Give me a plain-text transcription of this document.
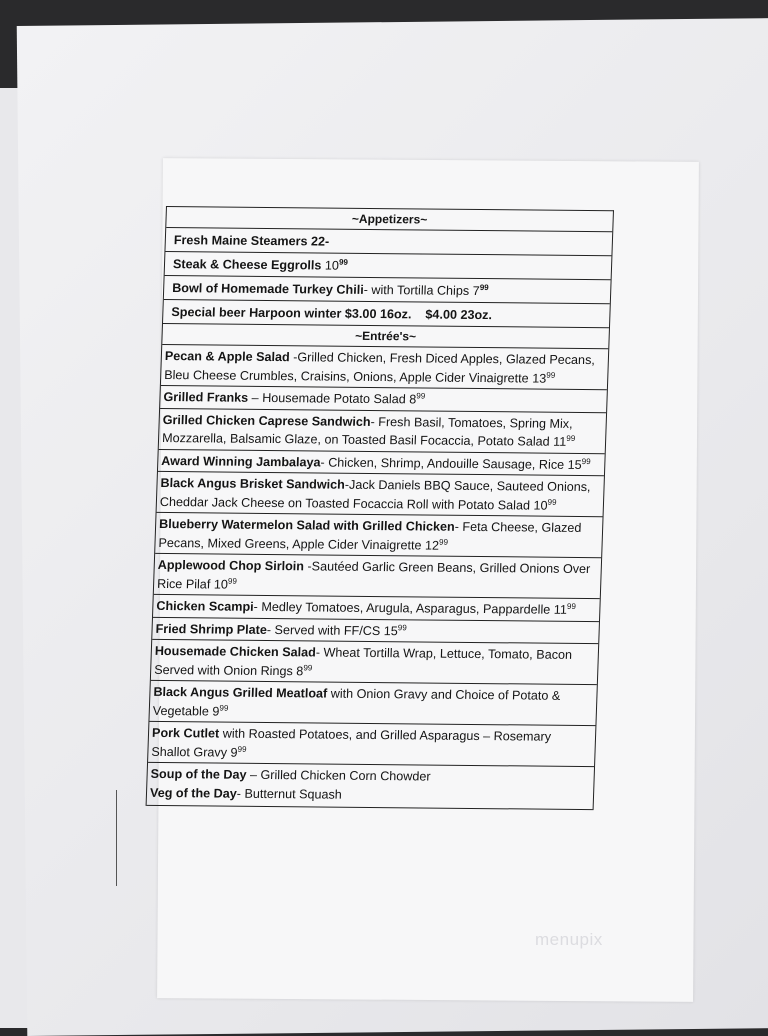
~Appetizers~
Fresh Maine Steamers 22-
Steak & Cheese Eggrolls $10^{99}$
Bowl of Homemade Turkey Chili- with Tortilla Chips $7^{99}$
Special beer Harpoon winter $3.00 16oz.    $4.00 23oz.
~Entrée's~
Pecan & Apple Salad -Grilled Chicken, Fresh Diced Apples, Glazed Pecans, Bleu Cheese Crumbles, Craisins, Onions, Apple Cider Vinaigrette $13^{99}$
Grilled Franks – Housemade Potato Salad $8^{99}$
Grilled Chicken Caprese Sandwich- Fresh Basil, Tomatoes, Spring Mix, Mozzarella, Balsamic Glaze, on Toasted Basil Focaccia, Potato Salad $11^{99}$
Award Winning Jambalaya- Chicken, Shrimp, Andouille Sausage, Rice $15^{99}$
Black Angus Brisket Sandwich-Jack Daniels BBQ Sauce, Sauteed Onions, Cheddar Jack Cheese on Toasted Focaccia Roll with Potato Salad $10^{99}$
Blueberry Watermelon Salad with Grilled Chicken- Feta Cheese, Glazed Pecans, Mixed Greens, Apple Cider Vinaigrette $12^{99}$
Applewood Chop Sirloin -Sautéed Garlic Green Beans, Grilled Onions Over Rice Pilaf $10^{99}$
Chicken Scampi- Medley Tomatoes, Arugula, Asparagus, Pappardelle $11^{99}$
Fried Shrimp Plate- Served with FF/CS $15^{99}$
Housemade Chicken Salad- Wheat Tortilla Wrap, Lettuce, Tomato, Bacon Served with Onion Rings $8^{99}$
Black Angus Grilled Meatloaf with Onion Gravy and Choice of Potato & Vegetable $9^{99}$
Pork Cutlet with Roasted Potatoes, and Grilled Asparagus – Rosemary Shallot Gravy $9^{99}$
Soup of the Day – Grilled Chicken Corn Chowder
Veg of the Day- Butternut Squash
menupix
